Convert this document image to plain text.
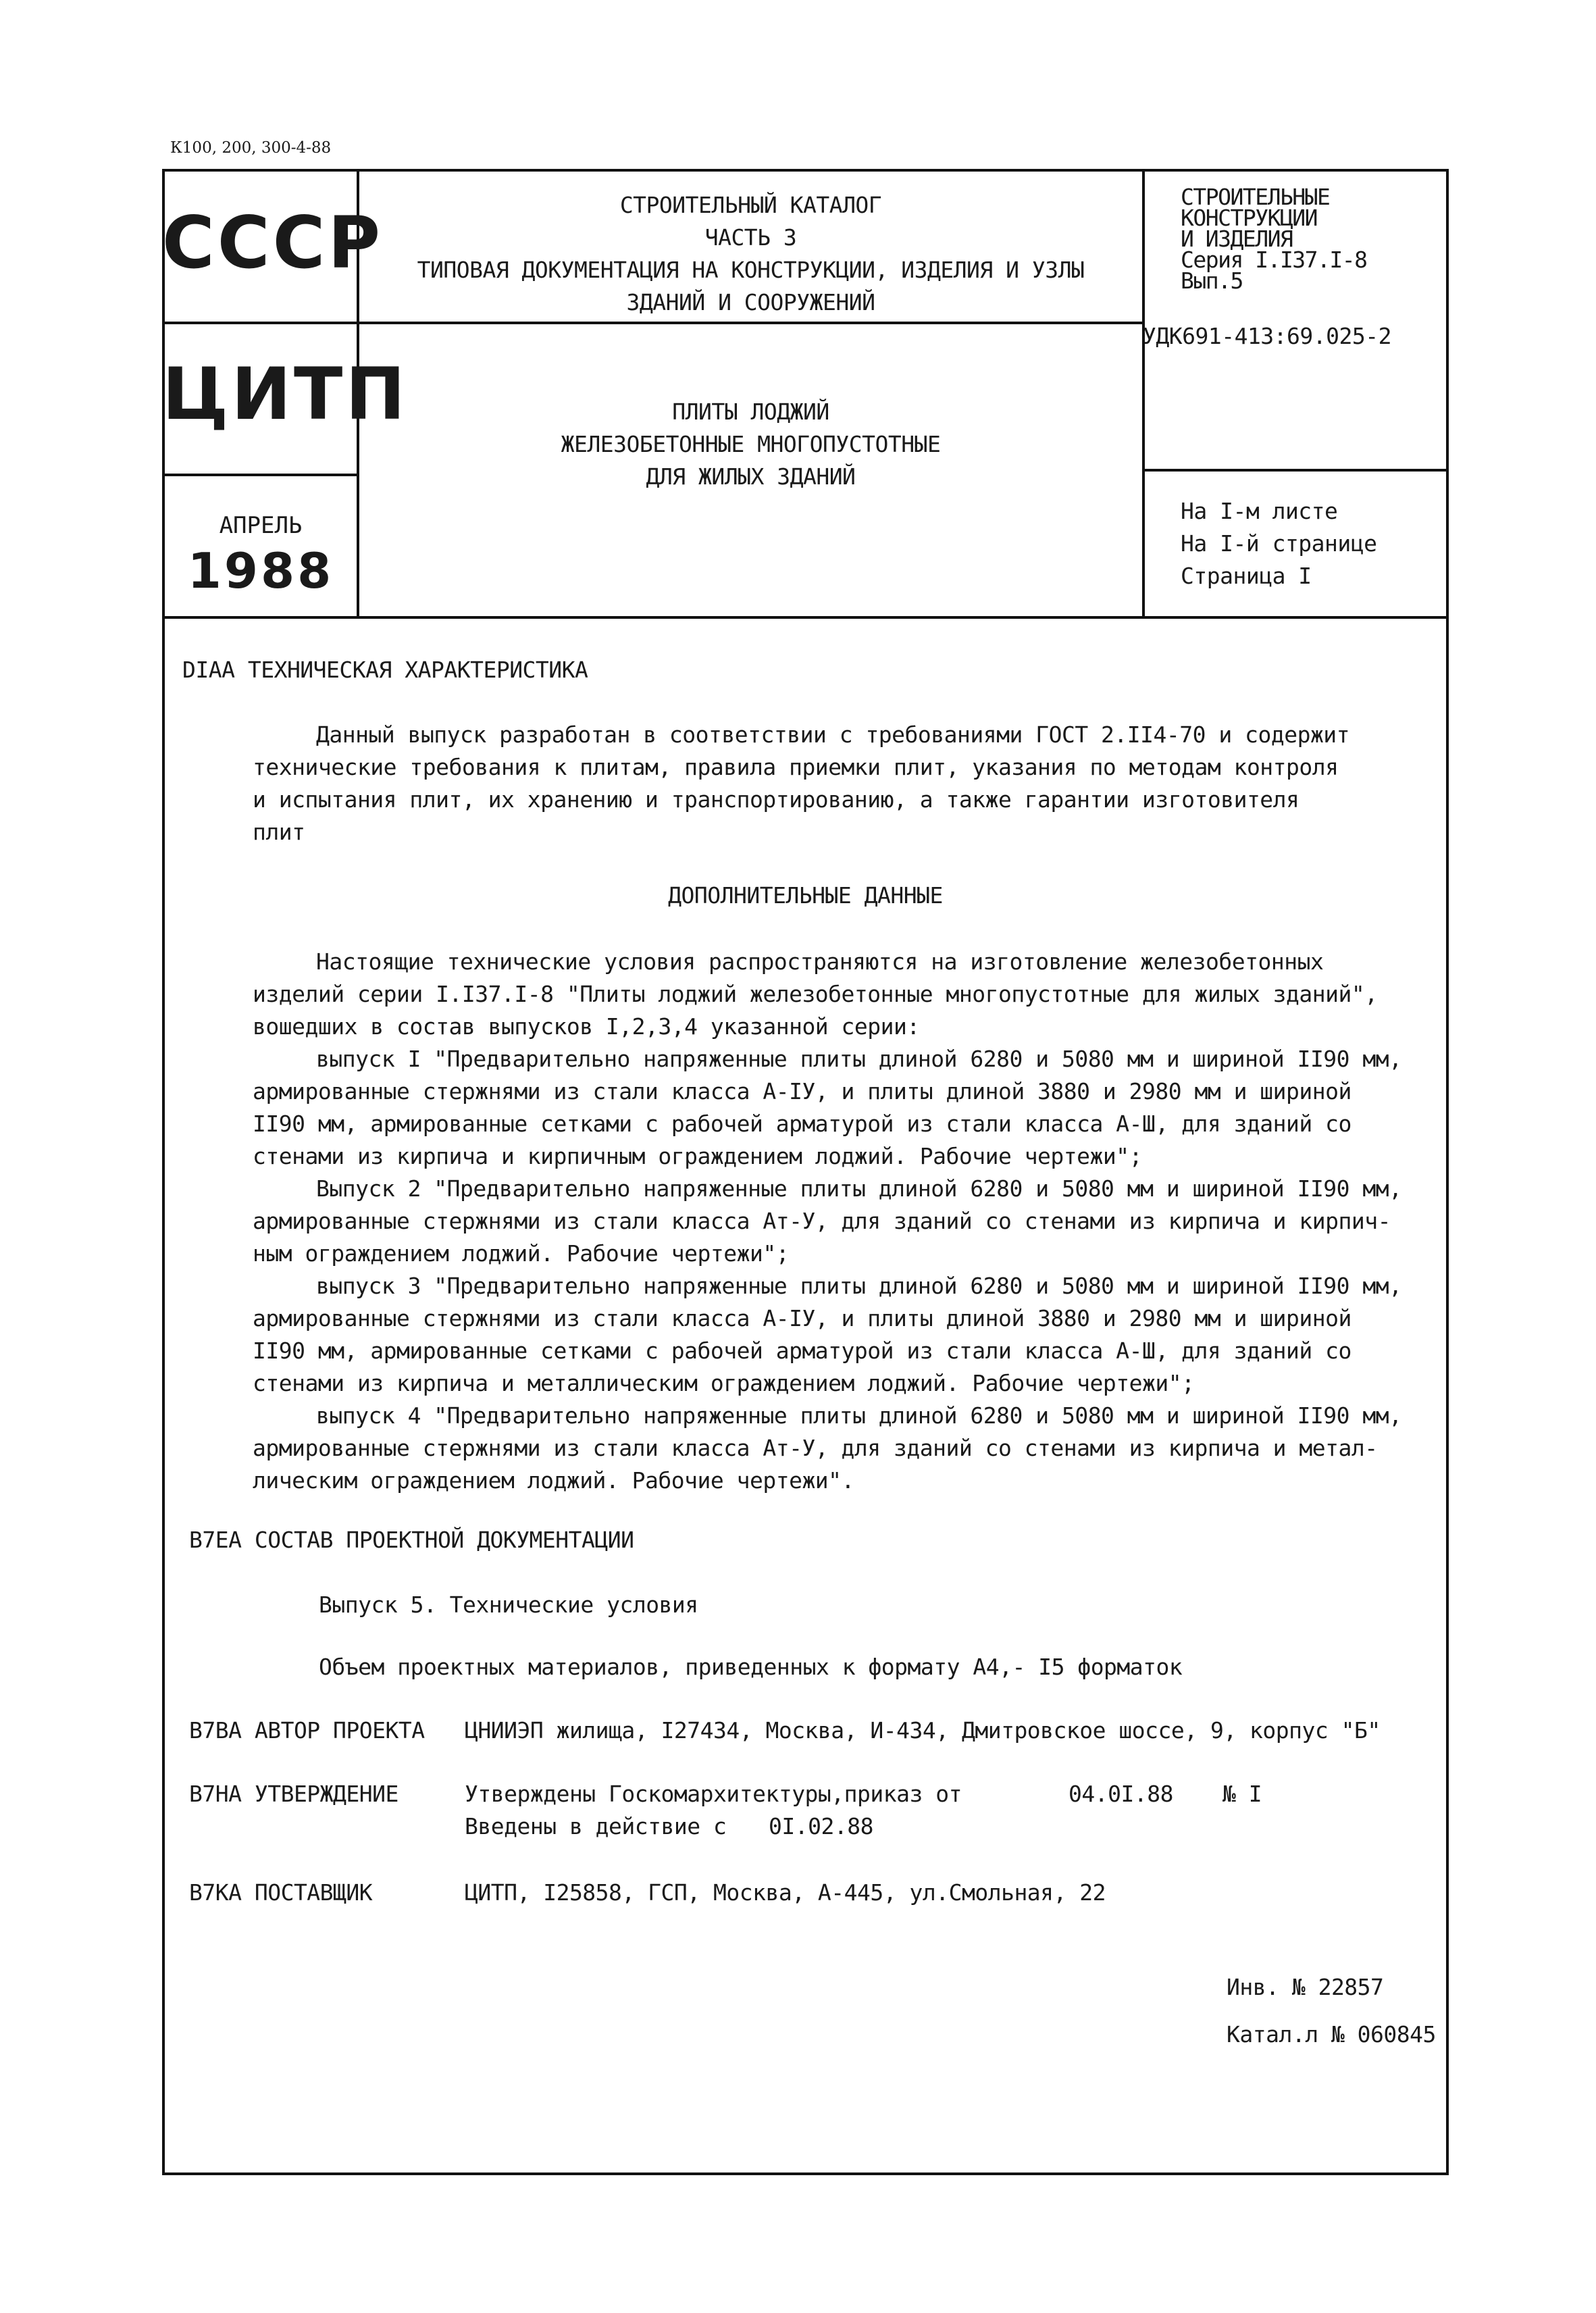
К100, 200, 300-4-88
СССР
ЦИТП
АПРЕЛЬ
1988
СТРОИТЕЛЬНЫЙ КАТАЛОГ
ЧАСТЬ 3
ТИПОВАЯ ДОКУМЕНТАЦИЯ НА КОНСТРУКЦИИ, ИЗДЕЛИЯ И УЗЛЫ
ЗДАНИЙ И СООРУЖЕНИЙ
СТРОИТЕЛЬНЫЕ
КОНСТРУКЦИИ
И ИЗДЕЛИЯ
Серия I.I37.I-8
Вып.5
УДК691-413:69.025-2
ПЛИТЫ ЛОДЖИЙ
ЖЕЛЕЗОБЕТОННЫЕ МНОГОПУСТОТНЫЕ
ДЛЯ ЖИЛЫХ ЗДАНИЙ
На I-м листе
На I-й странице
Страница I
DIAA ТЕХНИЧЕСКАЯ ХАРАКТЕРИСТИКА
Данный выпуск разработан в соответствии с требованиями ГОСТ 2.II4-70 и содержит
технические требования к плитам, правила приемки плит, указания по методам контроля
и испытания плит, их хранению и транспортированию, а также гарантии изготовителя
плит
ДОПОЛНИТЕЛЬНЫЕ ДАННЫЕ
Настоящие технические условия распространяются на изготовление железобетонных
изделий серии I.I37.I-8 "Плиты лоджий железобетонные многопустотные для жилых зданий",
вошедших в состав выпусков I,2,3,4 указанной серии:
выпуск I "Предварительно напряженные плиты длиной 6280 и 5080 мм и шириной II90 мм,
армированные стержнями из стали класса А-IУ, и плиты длиной 3880 и 2980 мм и шириной
II90 мм, армированные сетками с рабочей арматурой из стали класса А-Ш, для зданий со
стенами из кирпича и кирпичным ограждением лоджий. Рабочие чертежи";
Выпуск 2 "Предварительно напряженные плиты длиной 6280 и 5080 мм и шириной II90 мм,
армированные стержнями из стали класса Ат-У, для зданий со стенами из кирпича и кирпич-
ным ограждением лоджий. Рабочие чертежи";
выпуск 3 "Предварительно напряженные плиты длиной 6280 и 5080 мм и шириной II90 мм,
армированные стержнями из стали класса А-IУ, и плиты длиной 3880 и 2980 мм и шириной
II90 мм, армированные сетками с рабочей арматурой из стали класса А-Ш, для зданий со
стенами из кирпича и металлическим ограждением лоджий. Рабочие чертежи";
выпуск 4 "Предварительно напряженные плиты длиной 6280 и 5080 мм и шириной II90 мм,
армированные стержнями из стали класса Ат-У, для зданий со стенами из кирпича и метал-
лическим ограждением лоджий. Рабочие чертежи".
B7EA СОСТАВ ПРОЕКТНОЙ ДОКУМЕНТАЦИИ
Выпуск 5. Технические условия
Объем проектных материалов, приведенных к формату А4,- I5 форматок
B7BA АВТОР ПРОЕКТА ЦНИИЭП жилища, I27434, Москва, И-434, Дмитровское шоссе, 9, корпус "Б"
B7HA УТВЕРЖДЕНИЕ	Утверждены Госкомархитектуры,приказ от	04.0I.88 № I
Введены в действие с 0I.02.88
B7KA ПОСТАВЩИК	ЦИТП, I25858, ГСП, Москва, А-445, ул.Смольная, 22
Инв. № 22857
Катал.л № 060845
